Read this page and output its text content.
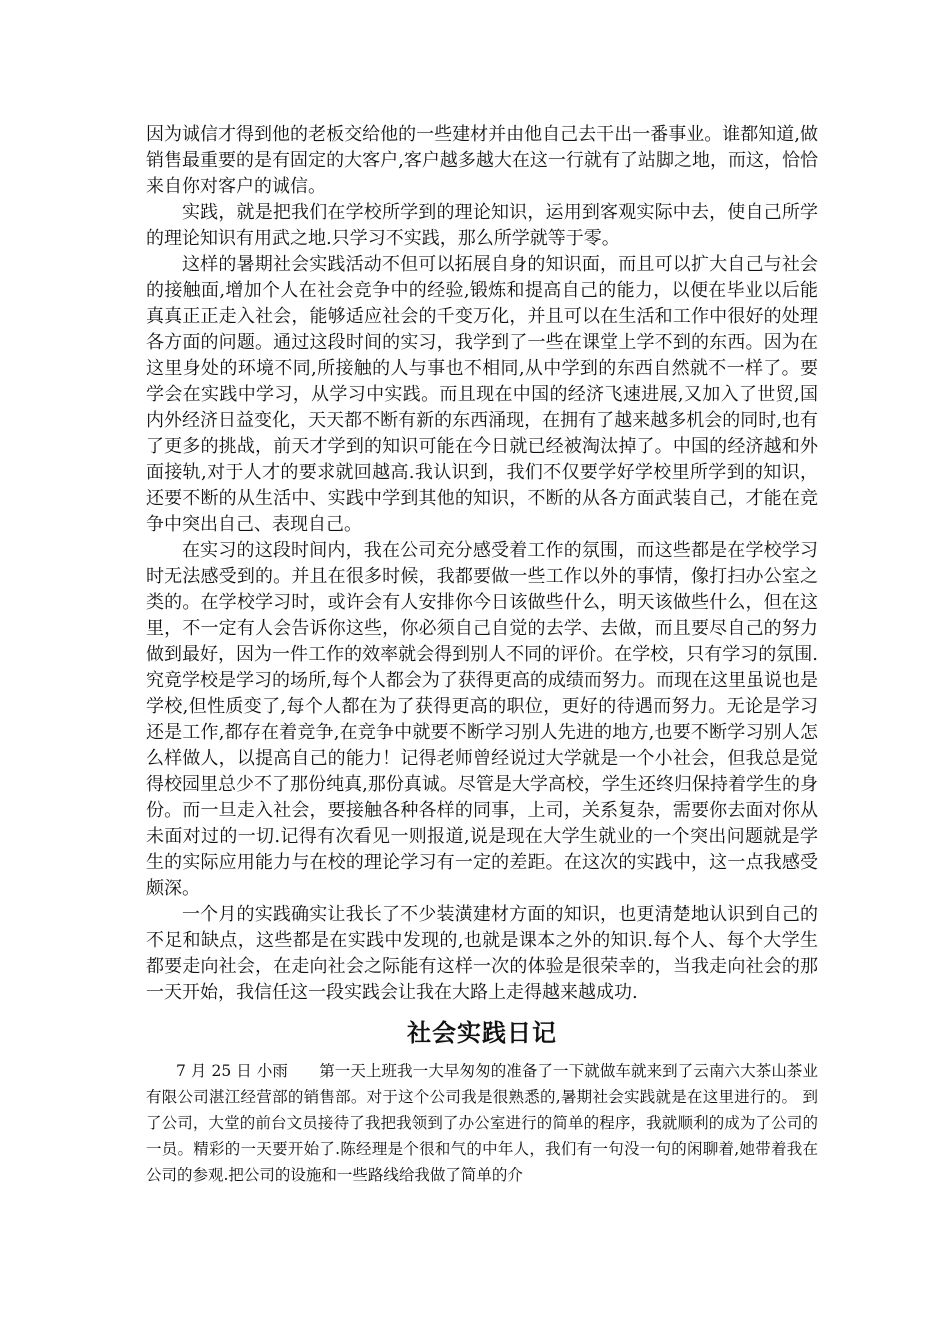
因为诚信才得到他的老板交给他的一些建材并由他自己去干出一番事业。谁都知道,做销售最重要的是有固定的大客户,客户越多越大在这一行就有了站脚之地，而这，恰恰来自你对客户的诚信。

实践，就是把我们在学校所学到的理论知识，运用到客观实际中去，使自己所学的理论知识有用武之地.只学习不实践，那么所学就等于零。

这样的暑期社会实践活动不但可以拓展自身的知识面，而且可以扩大自己与社会的接触面,增加个人在社会竞争中的经验,锻炼和提高自己的能力，以便在毕业以后能真真正正走入社会，能够适应社会的千变万化，并且可以在生活和工作中很好的处理各方面的问题。通过这段时间的实习，我学到了一些在课堂上学不到的东西。因为在这里身处的环境不同,所接触的人与事也不相同,从中学到的东西自然就不一样了。要学会在实践中学习，从学习中实践。而且现在中国的经济飞速进展,又加入了世贸,国内外经济日益变化，天天都不断有新的东西涌现，在拥有了越来越多机会的同时,也有了更多的挑战，前天才学到的知识可能在今日就已经被淘汰掉了。中国的经济越和外面接轨,对于人才的要求就回越高.我认识到，我们不仅要学好学校里所学到的知识，还要不断的从生活中、实践中学到其他的知识，不断的从各方面武装自己，才能在竞争中突出自己、表现自己。

在实习的这段时间内，我在公司充分感受着工作的氛围，而这些都是在学校学习时无法感受到的。并且在很多时候，我都要做一些工作以外的事情，像打扫办公室之类的。在学校学习时，或许会有人安排你今日该做些什么，明天该做些什么，但在这里，不一定有人会告诉你这些，你必须自己自觉的去学、去做，而且要尽自己的努力做到最好，因为一件工作的效率就会得到别人不同的评价。在学校，只有学习的氛围.究竟学校是学习的场所,每个人都会为了获得更高的成绩而努力。而现在这里虽说也是学校,但性质变了,每个人都在为了获得更高的职位，更好的待遇而努力。无论是学习还是工作,都存在着竞争,在竞争中就要不断学习别人先进的地方,也要不断学习别人怎么样做人，以提高自己的能力！记得老师曾经说过大学就是一个小社会，但我总是觉得校园里总少不了那份纯真,那份真诚。尽管是大学高校，学生还终归保持着学生的身份。而一旦走入社会，要接触各种各样的同事，上司，关系复杂，需要你去面对你从未面对过的一切.记得有次看见一则报道,说是现在大学生就业的一个突出问题就是学生的实际应用能力与在校的理论学习有一定的差距。在这次的实践中，这一点我感受颇深。

一个月的实践确实让我长了不少装潢建材方面的知识，也更清楚地认识到自己的不足和缺点，这些都是在实践中发现的,也就是课本之外的知识.每个人、每个大学生都要走向社会，在走向社会之际能有这样一次的体验是很荣幸的，当我走向社会的那一天开始，我信任这一段实践会让我在大路上走得越来越成功.

社会实践日记

7 月 25 日 小雨　　第一天上班我一大早匆匆的准备了一下就做车就来到了云南六大茶山茶业有限公司湛江经营部的销售部。对于这个公司我是很熟悉的,暑期社会实践就是在这里进行的。 到了公司，大堂的前台文员接待了我把我领到了办公室进行的简单的程序，我就顺利的成为了公司的一员。精彩的一天要开始了.陈经理是个很和气的中年人，我们有一句没一句的闲聊着,她带着我在公司的参观.把公司的设施和一些路线给我做了简单的介
